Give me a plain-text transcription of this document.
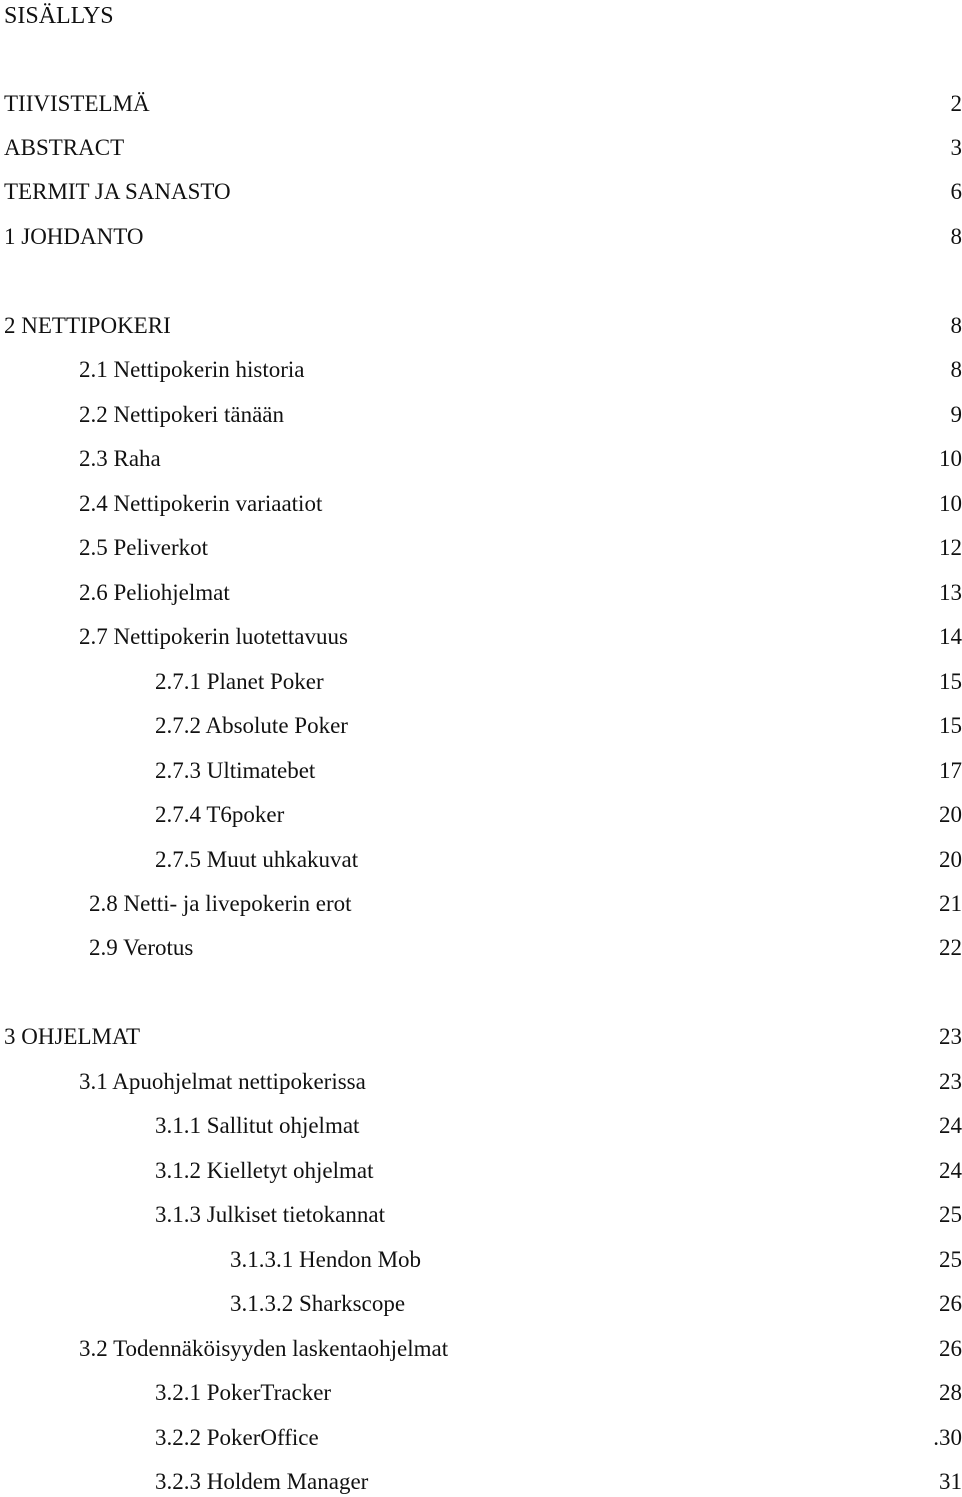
SISÄLLYS
TIIVISTELMÄ	2
ABSTRACT	3
TERMIT JA SANASTO	6
1 JOHDANTO	8
2 NETTIPOKERI	8
2.1 Nettipokerin historia	8
2.2 Nettipokeri tänään	9
2.3 Raha	10
2.4 Nettipokerin variaatiot	10
2.5 Peliverkot	12
2.6 Peliohjelmat	13
2.7 Nettipokerin luotettavuus	14
2.7.1 Planet Poker	15
2.7.2 Absolute Poker	15
2.7.3 Ultimatebet	17
2.7.4 T6poker	20
2.7.5 Muut uhkakuvat	20
2.8 Netti- ja livepokerin erot	21
2.9 Verotus	22
3 OHJELMAT	23
3.1 Apuohjelmat nettipokerissa	23
3.1.1 Sallitut ohjelmat	24
3.1.2 Kielletyt ohjelmat	24
3.1.3 Julkiset tietokannat	25
3.1.3.1 Hendon Mob	25
3.1.3.2 Sharkscope	26
3.2 Todennäköisyyden laskentaohjelmat	26
3.2.1 PokerTracker	28
3.2.2 PokerOffice	.30
3.2.3 Holdem Manager	31
